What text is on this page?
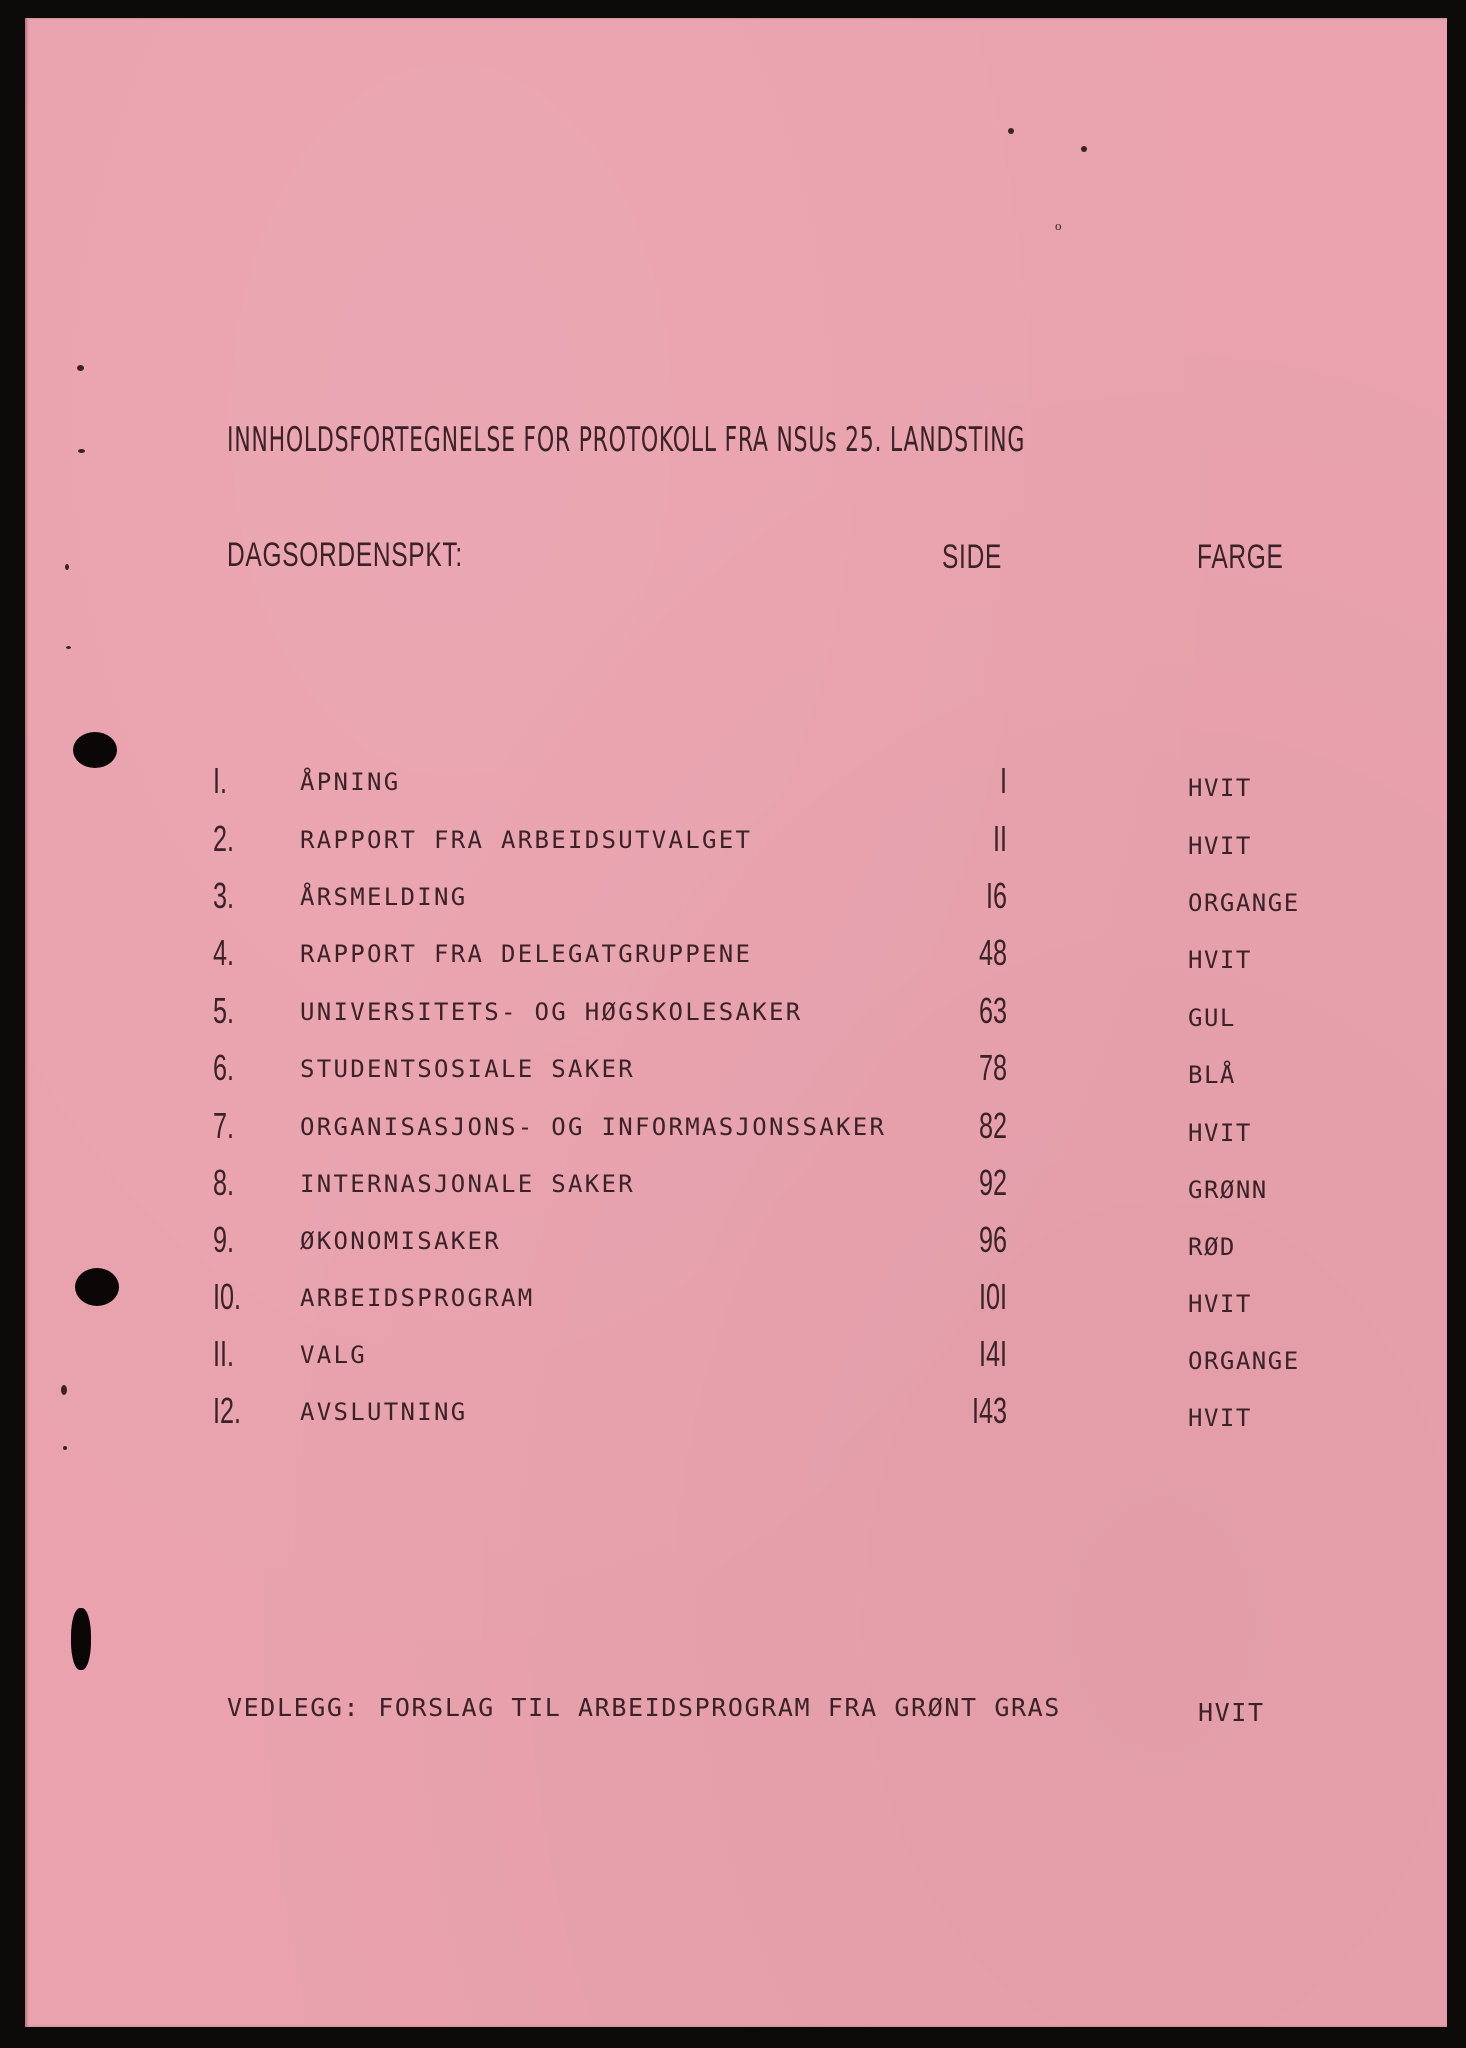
o
INNHOLDSFORTEGNELSE FOR PROTOKOLL FRA NSUs 25. LANDSTING
DAGSORDENSPKT:	SIDE	FARGE
I.	ÅPNING	I	HVIT
2.	RAPPORT FRA ARBEIDSUTVALGET	II	HVIT
3.	ÅRSMELDING	I6	ORGANGE
4.	RAPPORT FRA DELEGATGRUPPENE	48	HVIT
5.	UNIVERSITETS- OG HØGSKOLESAKER	63	GUL
6.	STUDENTSOSIALE SAKER	78	BLÅ
7.	ORGANISASJONS- OG INFORMASJONSSAKER	82	HVIT
8.	INTERNASJONALE SAKER	92	GRØNN
9.	ØKONOMISAKER	96	RØD
I0. ARBEIDSPROGRAM	I0I	HVIT
II.	VALG	I4I	ORGANGE
I2. AVSLUTNING	I43	HVIT
VEDLEGG: FORSLAG TIL ARBEIDSPROGRAM FRA GRØNT GRAS	HVIT
